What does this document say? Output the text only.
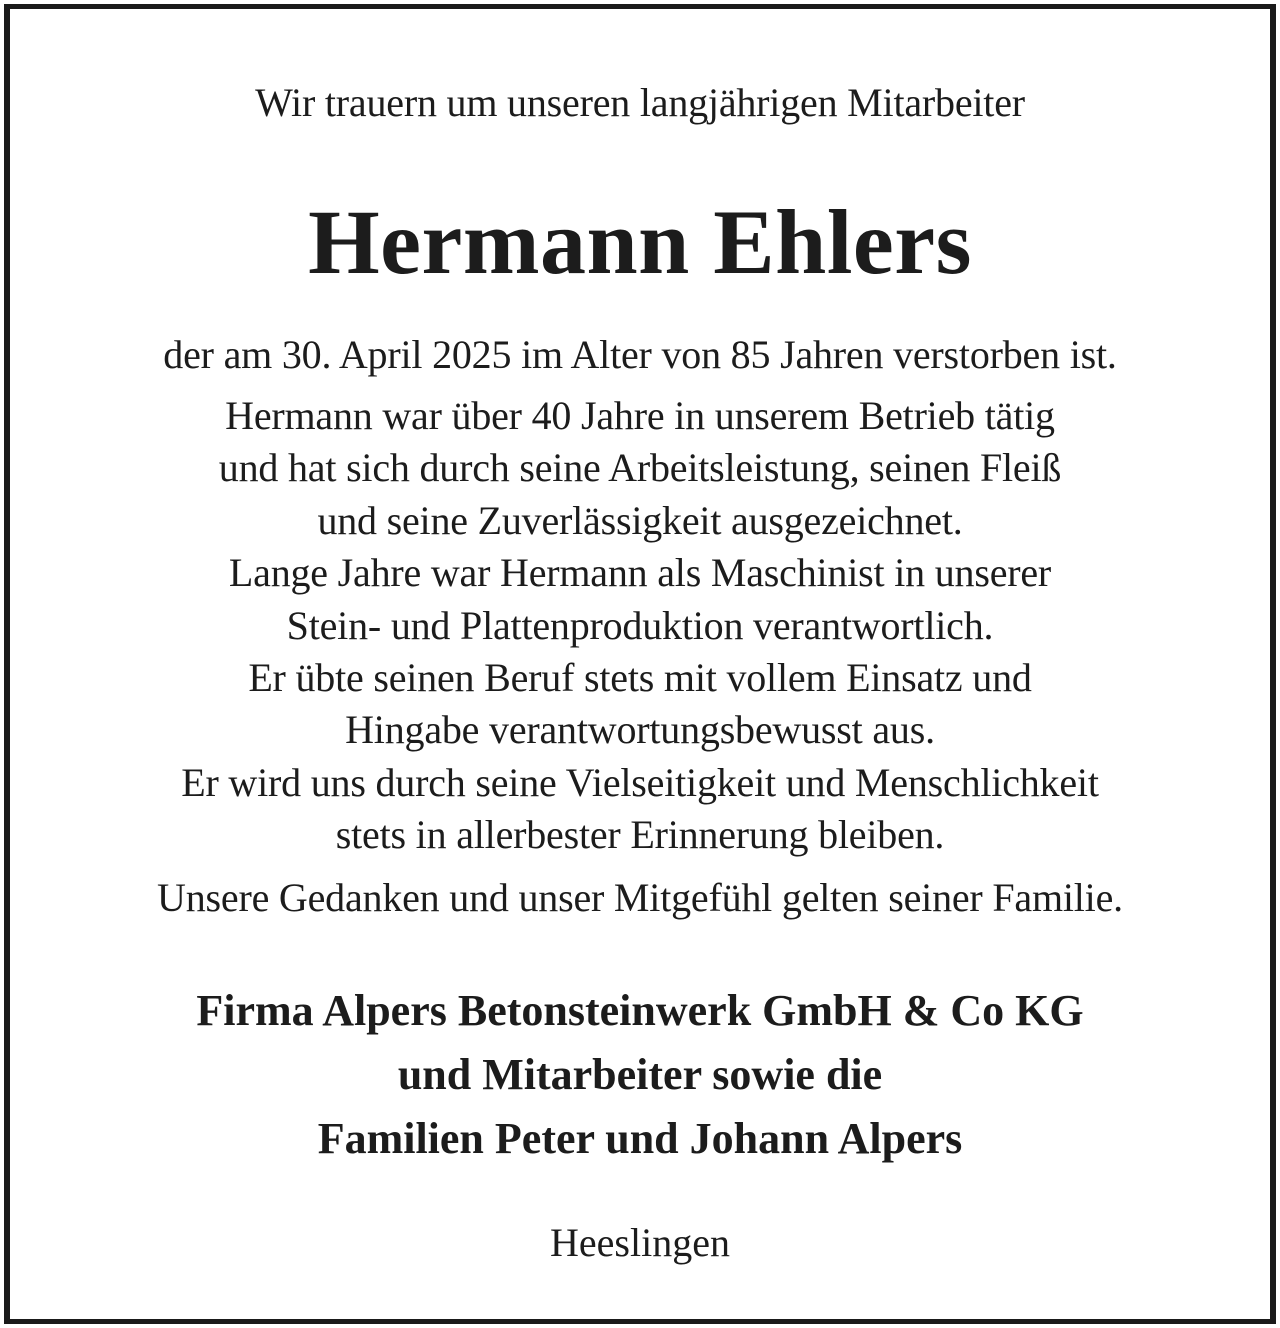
Wir trauern um unseren langjährigen Mitarbeiter
Hermann Ehlers
der am 30. April 2025 im Alter von 85 Jahren verstorben ist.
Hermann war über 40 Jahre in unserem Betrieb tätig
und hat sich durch seine Arbeitsleistung, seinen Fleiß
und seine Zuverlässigkeit ausgezeichnet.
Lange Jahre war Hermann als Maschinist in unserer
Stein- und Plattenproduktion verantwortlich.
Er übte seinen Beruf stets mit vollem Einsatz und
Hingabe verantwortungsbewusst aus.
Er wird uns durch seine Vielseitigkeit und Menschlichkeit
stets in allerbester Erinnerung bleiben.
Unsere Gedanken und unser Mitgefühl gelten seiner Familie.
Firma Alpers Betonsteinwerk GmbH & Co KG
und Mitarbeiter sowie die
Familien Peter und Johann Alpers
Heeslingen
